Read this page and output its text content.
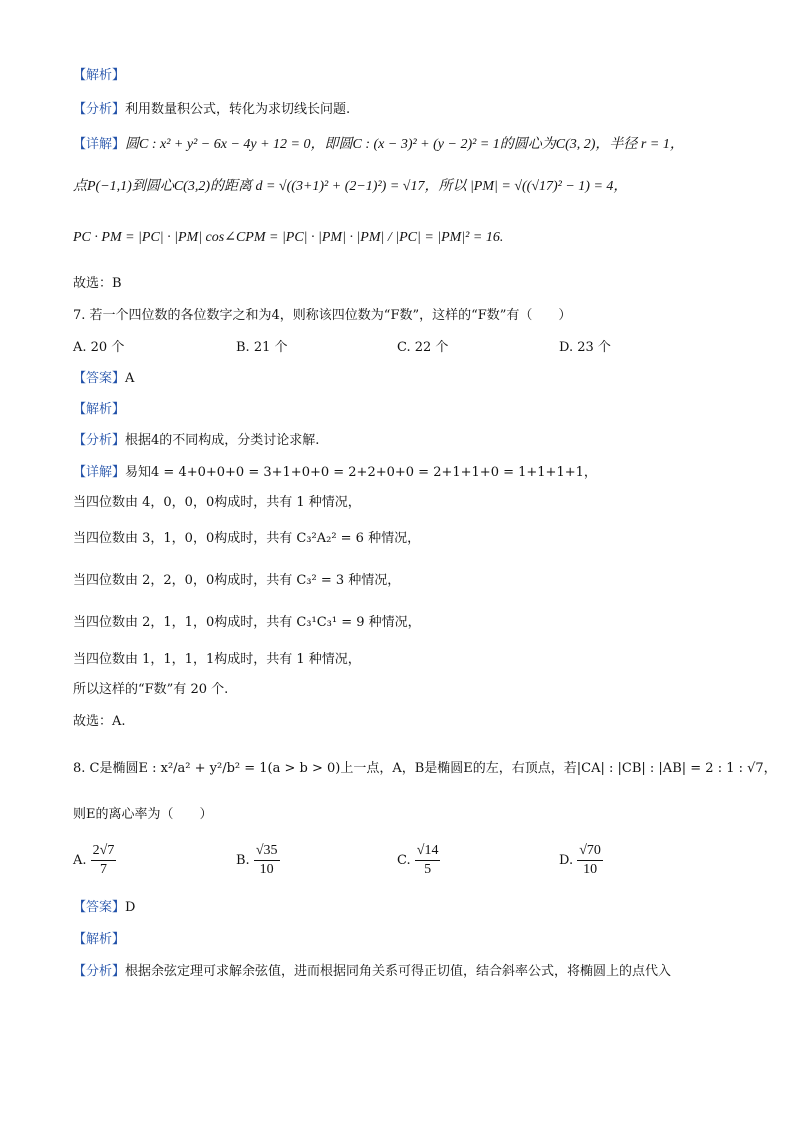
【解析】
【分析】利用数量积公式，转化为求切线长问题.
【详解】圆C : x² + y² − 6x − 4y + 12 = 0，即圆C : (x − 3)² + (y − 2)² = 1的圆心为C(3, 2)，半径 r = 1，
点P(−1,1)到圆心C(3,2)的距离 d = √((3+1)² + (2−1)²) = √17，所以 |PM| = √((√17)² − 1) = 4，
PC · PM = |PC| · |PM| cos∠CPM = |PC| · |PM| · |PM| / |PC| = |PM|² = 16.
故选：B
7. 若一个四位数的各位数字之和为4，则称该四位数为“F数”，这样的“F数”有（　　）
A. 20 个	B. 21 个	C. 22 个	D. 23 个
【答案】A
【解析】
【分析】根据4的不同构成，分类讨论求解.
【详解】易知4 = 4+0+0+0 = 3+1+0+0 = 2+2+0+0 = 2+1+1+0 = 1+1+1+1，
当四位数由 4，0，0，0构成时，共有 1 种情况，
当四位数由 3，1，0，0构成时，共有 C₃²A₂² = 6 种情况，
当四位数由 2，2，0，0构成时，共有 C₃² = 3 种情况，
当四位数由 2，1，1，0构成时，共有 C₃¹C₃¹ = 9 种情况，
当四位数由 1，1，1，1构成时，共有 1 种情况，
所以这样的“F数”有 20 个.
故选：A.
8. C是椭圆E : x²/a² + y²/b² = 1(a > b > 0)上一点，A，B是椭圆E的左，右顶点，若|CA| : |CB| : |AB| = 2 : 1 : √7，
则E的离心率为（　　）
A. $\frac{2√7}{7}$	B. $\frac{√35}{10}$	C. $\frac{√14}{5}$	D. $\frac{√70}{10}$
【答案】D
【解析】
【分析】根据余弦定理可求解余弦值，进而根据同角关系可得正切值，结合斜率公式，将椭圆上的点代入
